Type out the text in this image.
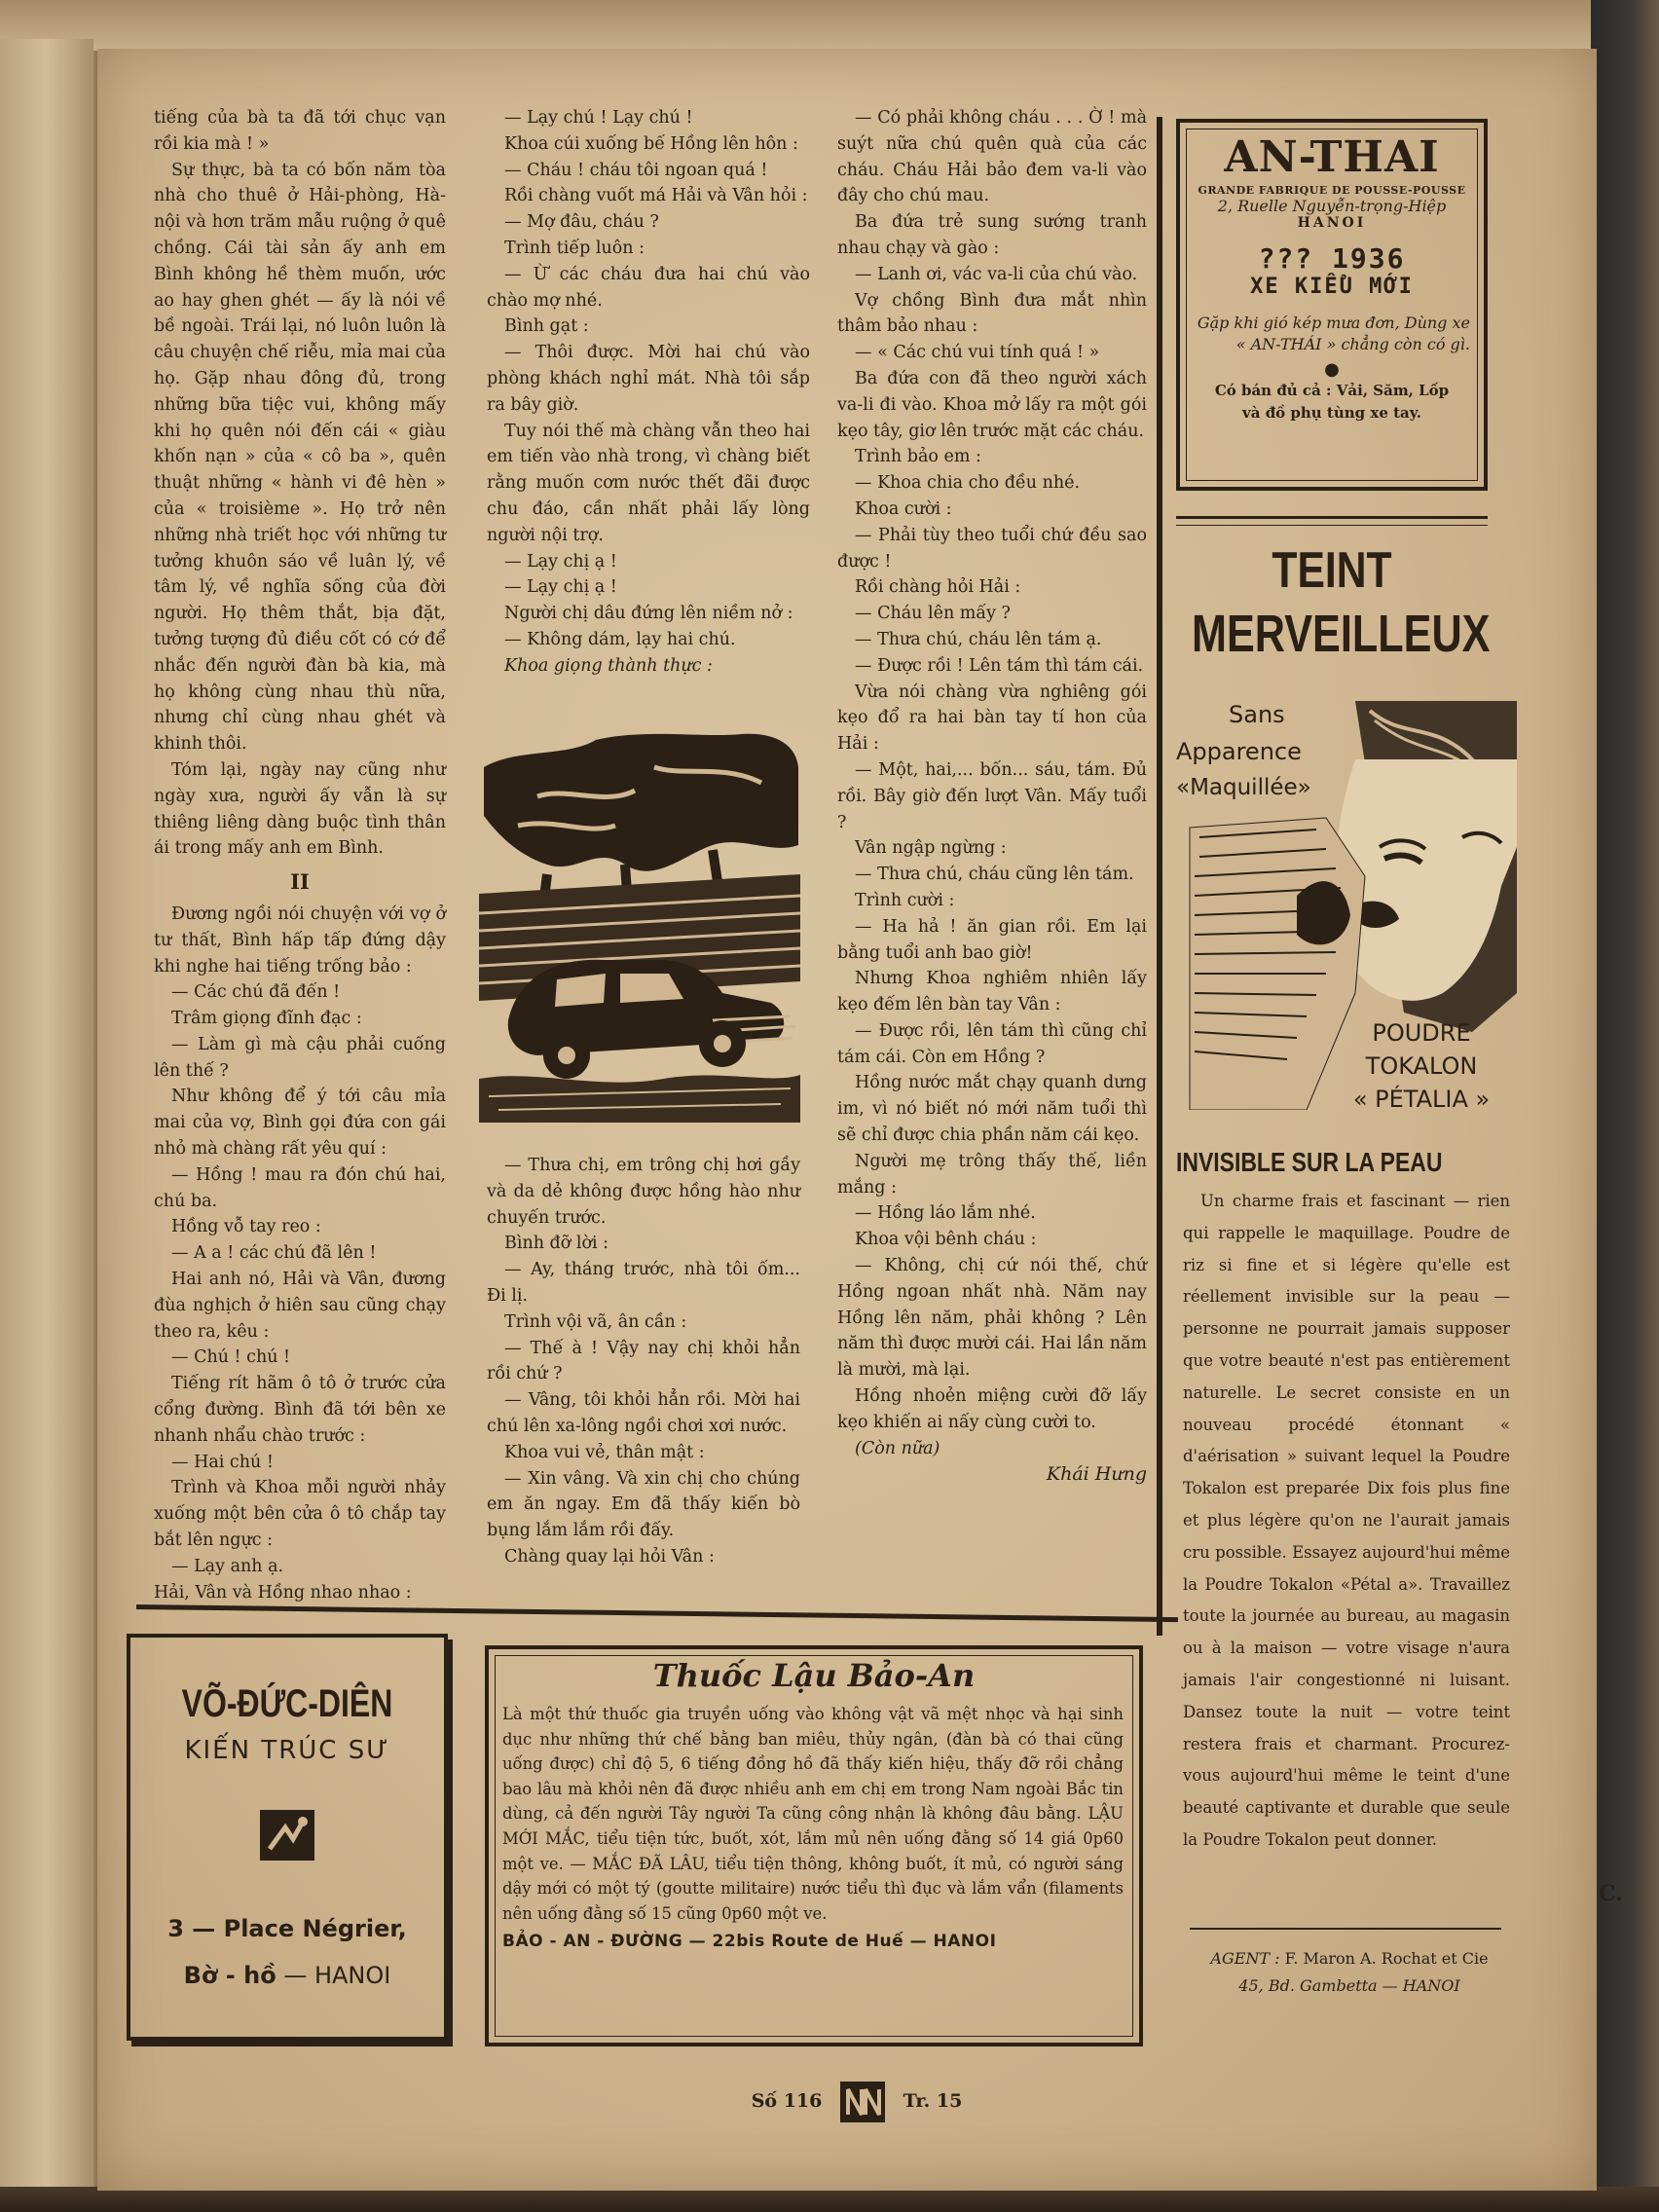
tiếng của bà ta đã tới chục vạn rồi kia mà ! »

Sự thực, bà ta có bốn năm tòa nhà cho thuê ở Hải-phòng, Hà-nội và hơn trăm mẫu ruộng ở quê chồng. Cái tài sản ấy anh em Bình không hề thèm muốn, ước ao hay ghen ghét — ấy là nói về bề ngoài. Trái lại, nó luôn luôn là câu chuyện chế riễu, mỉa mai của họ. Gặp nhau đông đủ, trong những bữa tiệc vui, không mấy khi họ quên nói đến cái « giàu khốn nạn » của « cô ba », quên thuật những « hành vi đê hèn » của « troisième ». Họ trở nên những nhà triết học với những tư tưởng khuôn sáo về luân lý, về tâm lý, về nghĩa sống của đời người. Họ thêm thắt, bịa đặt, tưởng tượng đủ điều cốt có cớ để nhắc đến người đàn bà kia, mà họ không cùng nhau thù nữa, nhưng chỉ cùng nhau ghét và khinh thôi.

Tóm lại, ngày nay cũng như ngày xưa, người ấy vẫn là sự thiêng liêng dàng buộc tình thân ái trong mấy anh em Bình.

II

Đương ngồi nói chuyện với vợ ở tư thất, Bình hấp tấp đứng dậy khi nghe hai tiếng trống bảo :

— Các chú đã đến !

Trâm giọng đĩnh đạc :

— Làm gì mà cậu phải cuống lên thế ?

Như không để ý tới câu mỉa mai của vợ, Bình gọi đứa con gái nhỏ mà chàng rất yêu quí :

— Hồng ! mau ra đón chú hai, chú ba.

Hồng vỗ tay reo :

— A a ! các chú đã lên !

Hai anh nó, Hải và Vân, đương đùa nghịch ở hiên sau cũng chạy theo ra, kêu :

— Chú ! chú !

Tiếng rít hãm ô tô ở trước cửa cổng đường. Bình đã tới bên xe nhanh nhẩu chào trước :

— Hai chú !

Trình và Khoa mỗi người nhảy xuống một bên cửa ô tô chắp tay bắt lên ngực :

— Lạy anh ạ.

Hải, Vân và Hồng nhao nhao :

— Lạy chú ! Lạy chú !

Khoa cúi xuống bế Hồng lên hôn :

— Cháu ! cháu tôi ngoan quá !

Rồi chàng vuốt má Hải và Vân hỏi :

— Mợ đâu, cháu ?

Trình tiếp luôn :

— Ừ các cháu đưa hai chú vào chào mợ nhé.

Bình gạt :

— Thôi được. Mời hai chú vào phòng khách nghỉ mát. Nhà tôi sắp ra bây giờ.

Tuy nói thế mà chàng vẫn theo hai em tiến vào nhà trong, vì chàng biết rằng muốn cơm nước thết đãi được chu đáo, cần nhất phải lấy lòng người nội trợ.

— Lạy chị ạ !

— Lạy chị ạ !

Người chị dâu đứng lên niềm nở :

— Không dám, lạy hai chú.

Khoa giọng thành thực :

— Thưa chị, em trông chị hơi gầy và da dẻ không được hồng hào như chuyến trước.

Bình đỡ lời :

— Ay, tháng trước, nhà tôi ốm... Đi lị.

Trình vội vã, ân cần :

— Thế à ! Vậy nay chị khỏi hẳn rồi chứ ?

— Vâng, tôi khỏi hẳn rồi. Mời hai chú lên xa-lông ngồi chơi xơi nước.

Khoa vui vẻ, thân mật :

— Xin vâng. Và xin chị cho chúng em ăn ngay. Em đã thấy kiến bò bụng lắm lắm rồi đấy.

Chàng quay lại hỏi Vân :

— Có phải không cháu . . . Ờ ! mà suýt nữa chú quên quà của các cháu. Cháu Hải bảo đem va-li vào đây cho chú mau.

Ba đứa trẻ sung sướng tranh nhau chạy và gào :

— Lanh ơi, vác va-li của chú vào.

Vợ chồng Bình đưa mắt nhìn thâm bảo nhau :

— « Các chú vui tính quá ! »

Ba đứa con đã theo người xách va-li đi vào. Khoa mở lấy ra một gói kẹo tây, giơ lên trước mặt các cháu.

Trình bảo em :

— Khoa chia cho đều nhé.

Khoa cười :

— Phải tùy theo tuổi chứ đều sao được !

Rồi chàng hỏi Hải :

— Cháu lên mấy ?

— Thưa chú, cháu lên tám ạ.

— Được rồi ! Lên tám thì tám cái.

Vừa nói chàng vừa nghiêng gói kẹo đổ ra hai bàn tay tí hon của Hải :

— Một, hai,... bốn... sáu, tám. Đủ rồi. Bây giờ đến lượt Vân. Mấy tuổi ?

Vân ngập ngừng :

— Thưa chú, cháu cũng lên tám.

Trình cười :

— Ha hả ! ăn gian rồi. Em lại bằng tuổi anh bao giờ!

Nhưng Khoa nghiêm nhiên lấy kẹo đếm lên bàn tay Vân :

— Được rồi, lên tám thì cũng chỉ tám cái. Còn em Hồng ?

Hồng nước mắt chạy quanh dưng im, vì nó biết nó mới năm tuổi thì sẽ chỉ được chia phần năm cái kẹo.

Người mẹ trông thấy thế, liền mắng :

— Hồng láo lắm nhé.

Khoa vội bênh cháu :

— Không, chị cứ nói thế, chứ Hồng ngoan nhất nhà. Năm nay Hồng lên năm, phải không ? Lên năm thì được mười cái. Hai lần năm là mười, mà lại.

Hồng nhoẻn miệng cười đỡ lấy kẹo khiến ai nấy cùng cười to.

(Còn nữa)

Khái Hưng

AN-THAI
GRANDE FABRIQUE DE POUSSE-POUSSE
2, Ruelle Nguyễn-trọng-Hiệp
HANOI
??? 1936
XE KIỂU MỚI
Gặp khi gió kép mưa đơn, Dùng xe « AN-THÁI » chẳng còn có gì.
●
Có bán đủ cả : Vải, Săm, Lốp
và đồ phụ tùng xe tay.
TEINT
MERVEILLEUX
Sans
Apparence
«Maquillée»
POUDRE
TOKALON
« PÉTALIA »
INVISIBLE SUR LA PEAU

Un charme frais et fascinant — rien qui rappelle le maquillage. Poudre de riz si fine et si légère qu'elle est réellement invisible sur la peau — personne ne pourrait jamais supposer que votre beauté n'est pas entièrement naturelle. Le secret consiste en un nouveau procédé étonnant « d'aérisation » suivant lequel la Poudre Tokalon est preparée Dix fois plus fine et plus légère qu'on ne l'aurait jamais cru possible. Essayez aujourd'hui même la Poudre Tokalon «Pétal a». Travaillez toute la journée au bureau, au magasin ou à la maison — votre visage n'aura jamais l'air congestionné ni luisant. Dansez toute la nuit — votre teint restera frais et charmant. Procurez-vous aujourd'hui même le teint d'une beauté captivante et durable que seule la Poudre Tokalon peut donner.

AGENT : F. Maron A. Rochat et Cie
45, Bd. Gambetta — HANOI
VÕ-ĐỨC-DIÊN
KIẾN TRÚC SƯ
3 — Place Négrier,
Bờ - hồ — HANOI
Thuốc Lậu Bảo-An
Là một thứ thuốc gia truyền uống vào không vật vã mệt nhọc và hại sinh dục như những thứ chế bằng ban miêu, thủy ngân, (đàn bà có thai cũng uống được) chỉ độ 5, 6 tiếng đồng hồ đã thấy kiến hiệu, thấy đỡ rồi chẳng bao lâu mà khỏi nên đã được nhiều anh em chị em trong Nam ngoài Bắc tin dùng, cả đến người Tây người Ta cũng công nhận là không đâu bằng. LẬU MỚI MẮC, tiểu tiện tức, buốt, xót, lắm mủ nên uống đằng số 14 giá 0p60 một ve. — MẮC ĐÃ LÂU, tiểu tiện thông, không buốt, ít mủ, có người sáng dậy mới có một tý (goutte militaire) nước tiểu thì đục và lắm vẩn (filaments nên uống đằng số 15 cũng 0p60 một ve.
BẢO - AN - ĐƯỜNG — 22bis Route de Huế — HANOI
Số 116	Tr. 15
C.
